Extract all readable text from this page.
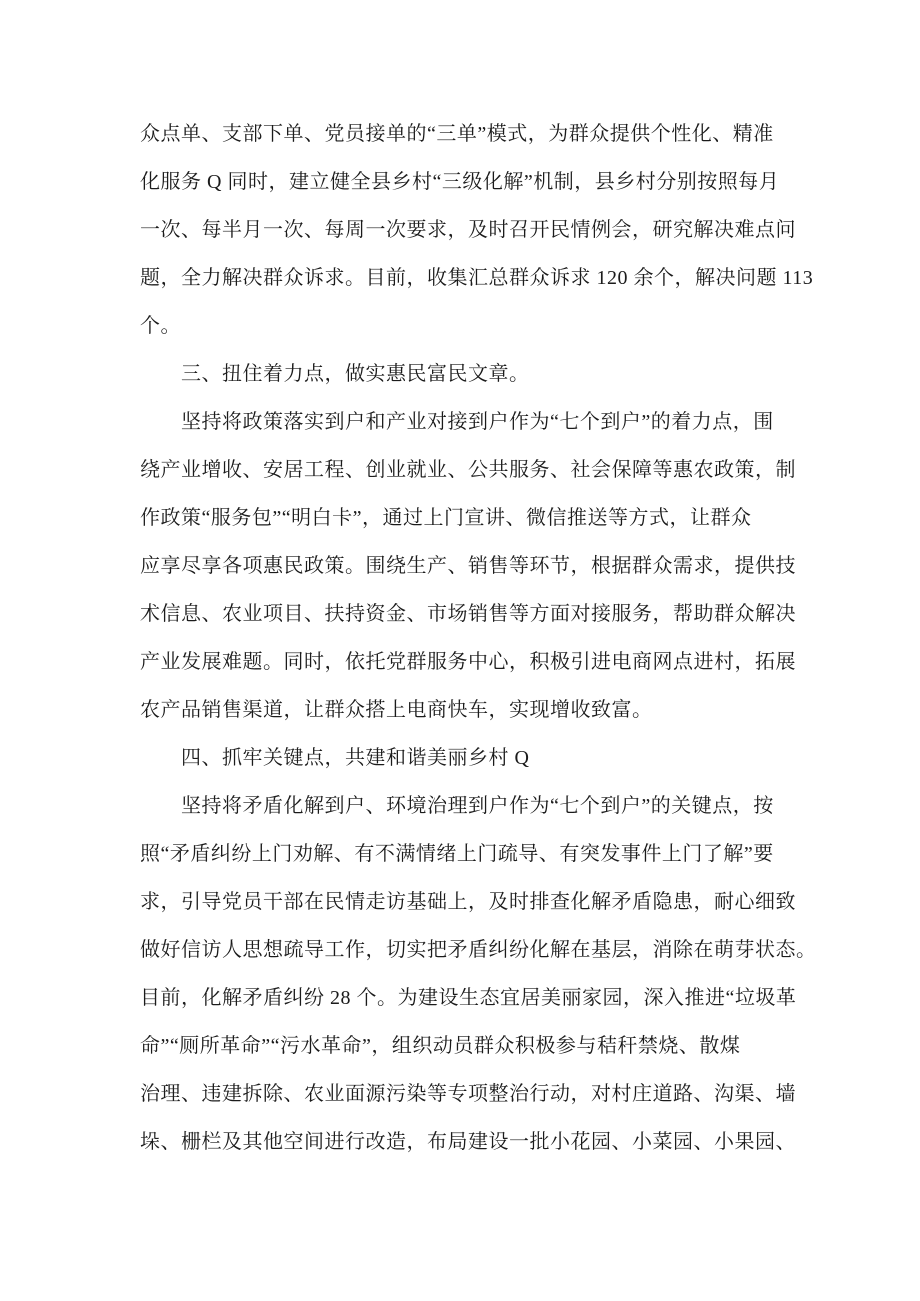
众点单、支部下单、党员接单的“三单”模式，为群众提供个性化、精准
化服务 Q 同时，建立健全县乡村“三级化解”机制，县乡村分别按照每月
一次、每半月一次、每周一次要求，及时召开民情例会，研究解决难点问
题，全力解决群众诉求。目前，收集汇总群众诉求 120 余个，解决问题 113
个。
三、扭住着力点，做实惠民富民文章。
坚持将政策落实到户和产业对接到户作为“七个到户”的着力点，围
绕产业增收、安居工程、创业就业、公共服务、社会保障等惠农政策，制
作政策“服务包”“明白卡”，通过上门宣讲、微信推送等方式，让群众
应享尽享各项惠民政策。围绕生产、销售等环节，根据群众需求，提供技
术信息、农业项目、扶持资金、市场销售等方面对接服务，帮助群众解决
产业发展难题。同时，依托党群服务中心，积极引进电商网点进村，拓展
农产品销售渠道，让群众搭上电商快车，实现增收致富。
四、抓牢关键点，共建和谐美丽乡村 Q
坚持将矛盾化解到户、环境治理到户作为“七个到户”的关键点，按
照“矛盾纠纷上门劝解、有不满情绪上门疏导、有突发事件上门了解”要
求，引导党员干部在民情走访基础上，及时排查化解矛盾隐患，耐心细致
做好信访人思想疏导工作，切实把矛盾纠纷化解在基层，消除在萌芽状态。
目前，化解矛盾纠纷 28 个。为建设生态宜居美丽家园，深入推进“垃圾革
命”“厕所革命”“污水革命”，组织动员群众积极参与秸秆禁烧、散煤
治理、违建拆除、农业面源污染等专项整治行动，对村庄道路、沟渠、墙
垛、栅栏及其他空间进行改造，布局建设一批小花园、小菜园、小果园、
